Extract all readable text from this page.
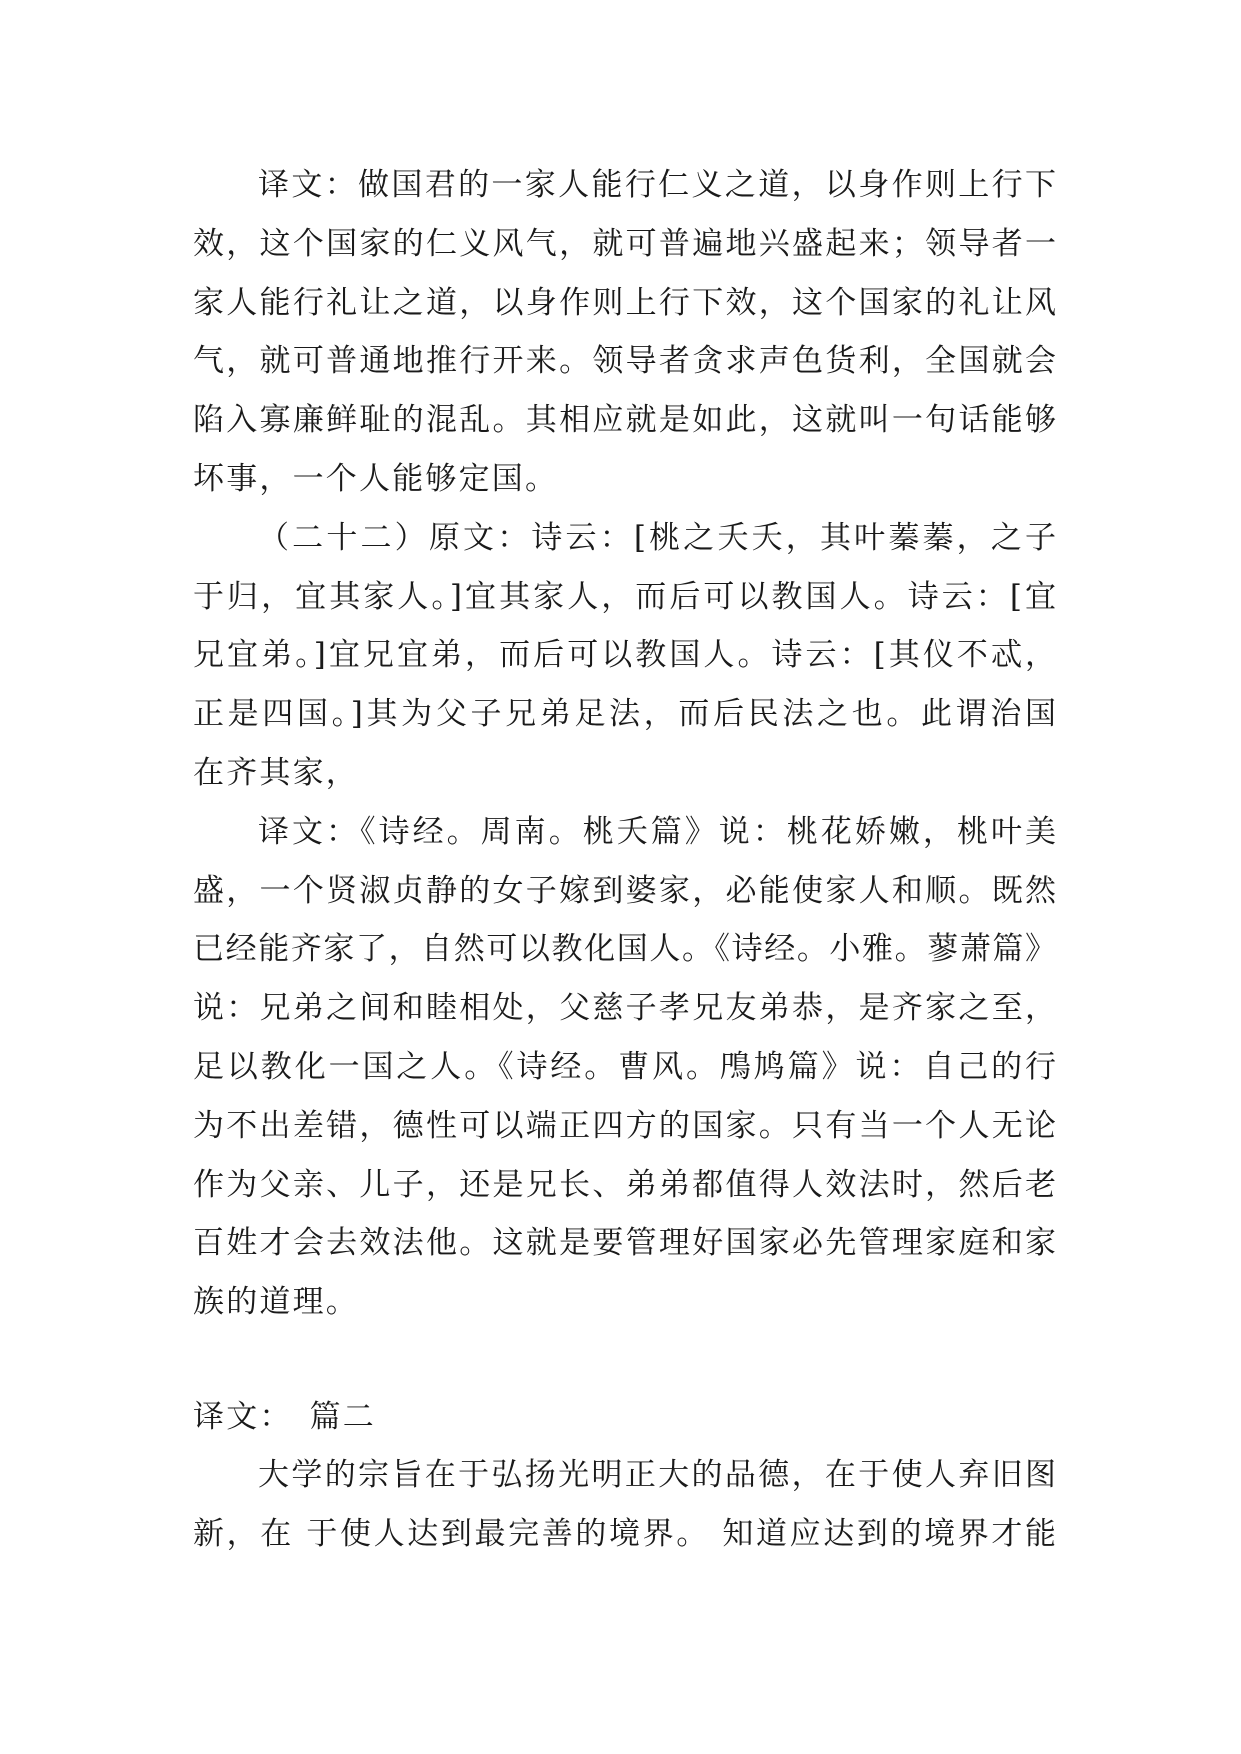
译文：做国君的一家人能行仁义之道，以身作则上行下
效，这个国家的仁义风气，就可普遍地兴盛起来；领导者一
家人能行礼让之道，以身作则上行下效，这个国家的礼让风
气，就可普通地推行开来。领导者贪求声色货利，全国就会
陷入寡廉鲜耻的混乱。其相应就是如此，这就叫一句话能够
坏事，一个人能够定国。
（二十二）原文：诗云：[桃之夭夭，其叶蓁蓁，之子
于归，宜其家人。]宜其家人，而后可以教国人。诗云：[宜
兄宜弟。]宜兄宜弟，而后可以教国人。诗云：[其仪不忒，
正是四国。]其为父子兄弟足法，而后民法之也。此谓治国
在齐其家，
译文：《诗经。周南。桃夭篇》说：桃花娇嫩，桃叶美
盛，一个贤淑贞静的女子嫁到婆家，必能使家人和顺。既然
已经能齐家了，自然可以教化国人。《诗经。小雅。蓼萧篇》
说：兄弟之间和睦相处，父慈子孝兄友弟恭，是齐家之至，
足以教化一国之人。《诗经。曹风。鳲鸠篇》说：自己的行
为不出差错，德性可以端正四方的国家。只有当一个人无论
作为父亲、儿子，还是兄长、弟弟都值得人效法时，然后老
百姓才会去效法他。这就是要管理好国家必先管理家庭和家
族的道理。
译文： 篇二
大学的宗旨在于弘扬光明正大的品德，在于使人弃旧图
新，在 于使人达到最完善的境界。 知道应达到的境界才能
